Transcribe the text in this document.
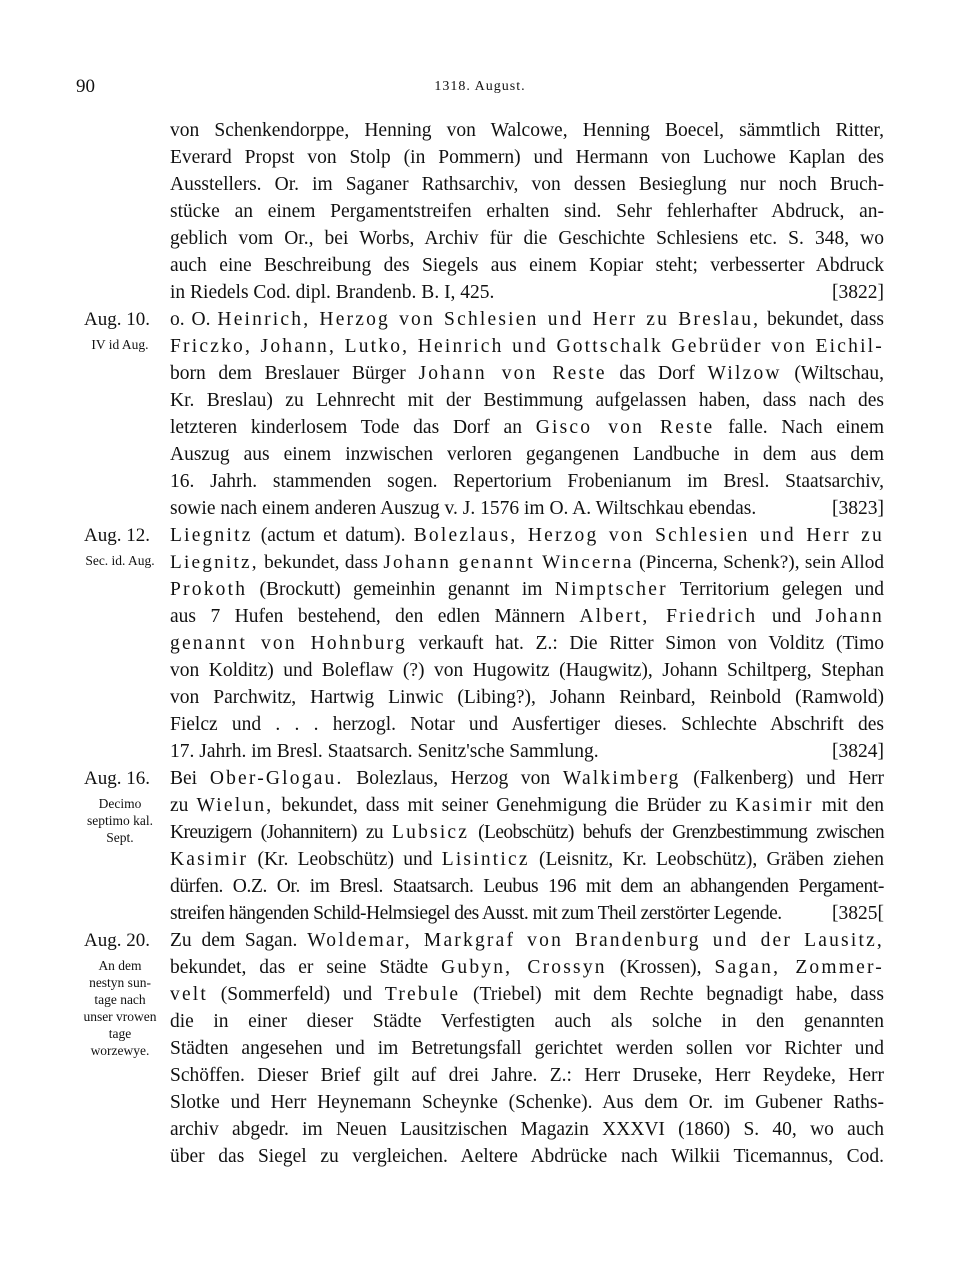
90	1318. August.
von Schenkendorppe, Henning von Walcowe, Henning Boecel, sämmtlich Ritter,
Everard Propst von Stolp (in Pommern) und Hermann von Luchowe Kaplan des
Ausstellers. Or. im Saganer Rathsarchiv, von dessen Besieglung nur noch Bruch-
stücke an einem Pergamentstreifen erhalten sind. Sehr fehlerhafter Abdruck, an-
geblich vom Or., bei Worbs, Archiv für die Geschichte Schlesiens etc. S. 348, wo
auch eine Beschreibung des Siegels aus einem Kopiar steht; verbesserter Abdruck
in Riedels Cod. dipl. Brandenb. B. I, 425.	[3822]
Aug. 10.
IV id Aug.
o. O. Heinrich, Herzog von Schlesien und Herr zu Breslau, bekundet, dass
Friczko, Johann, Lutko, Heinrich und Gottschalk Gebrüder von Eichil-
born dem Breslauer Bürger Johann von Reste das Dorf Wilzow (Wiltschau,
Kr. Breslau) zu Lehnrecht mit der Bestimmung aufgelassen haben, dass nach des
letzteren kinderlosem Tode das Dorf an Gisco von Reste falle. Nach einem
Auszug aus einem inzwischen verloren gegangenen Landbuche in dem aus dem
16. Jahrh. stammenden sogen. Repertorium Frobenianum im Bresl. Staatsarchiv,
sowie nach einem anderen Auszug v. J. 1576 im O. A. Wiltschkau ebendas.	[3823]
Aug. 12.
Sec. id. Aug.
Liegnitz (actum et datum). Bolezlaus, Herzog von Schlesien und Herr zu
Liegnitz, bekundet, dass Johann genannt Wincerna (Pincerna, Schenk?), sein Allod
Prokoth (Brockutt) gemeinhin genannt im Nimptscher Territorium gelegen und
aus 7 Hufen bestehend, den edlen Männern Albert, Friedrich und Johann
genannt von Hohnburg verkauft hat. Z.: Die Ritter Simon von Volditz (Timo
von Kolditz) und Boleflaw (?) von Hugowitz (Haugwitz), Johann Schiltperg, Stephan
von Parchwitz, Hartwig Linwic (Libing?), Johann Reinbard, Reinbold (Ramwold)
Fielcz und . . . herzogl. Notar und Ausfertiger dieses. Schlechte Abschrift des
17. Jahrh. im Bresl. Staatsarch. Senitz'sche Sammlung.	[3824]
Aug. 16.
Decimo
septimo kal.
Sept.
Bei Ober-Glogau. Bolezlaus, Herzog von Walkimberg (Falkenberg) und Herr
zu Wielun, bekundet, dass mit seiner Genehmigung die Brüder zu Kasimir mit den
Kreuzigern (Johannitern) zu Lubsicz (Leobschütz) behufs der Grenzbestimmung zwischen
Kasimir (Kr. Leobschütz) und Lisinticz (Leisnitz, Kr. Leobschütz), Gräben ziehen
dürfen. O.Z. Or. im Bresl. Staatsarch. Leubus 196 mit dem an abhangenden Pergament-
streifen hängenden Schild-Helmsiegel des Ausst. mit zum Theil zerstörter Legende.	[3825[
Aug. 20.
An dem
nestyn sun-
tage nach
unser vrowen
tage
worzewye.
Zu dem Sagan. Woldemar, Markgraf von Brandenburg und der Lausitz,
bekundet, das er seine Städte Gubyn, Crossyn (Krossen), Sagan, Zommer-
velt (Sommerfeld) und Trebule (Triebel) mit dem Rechte begnadigt habe, dass
die in einer dieser Städte Verfestigten auch als solche in den genannten
Städten angesehen und im Betretungsfall gerichtet werden sollen vor Richter und
Schöffen. Dieser Brief gilt auf drei Jahre. Z.: Herr Druseke, Herr Reydeke, Herr
Slotke und Herr Heynemann Scheynke (Schenke). Aus dem Or. im Gubener Raths-
archiv abgedr. im Neuen Lausitzischen Magazin XXXVI (1860) S. 40, wo auch
über das Siegel zu vergleichen. Aeltere Abdrücke nach Wilkii Ticemannus, Cod.
